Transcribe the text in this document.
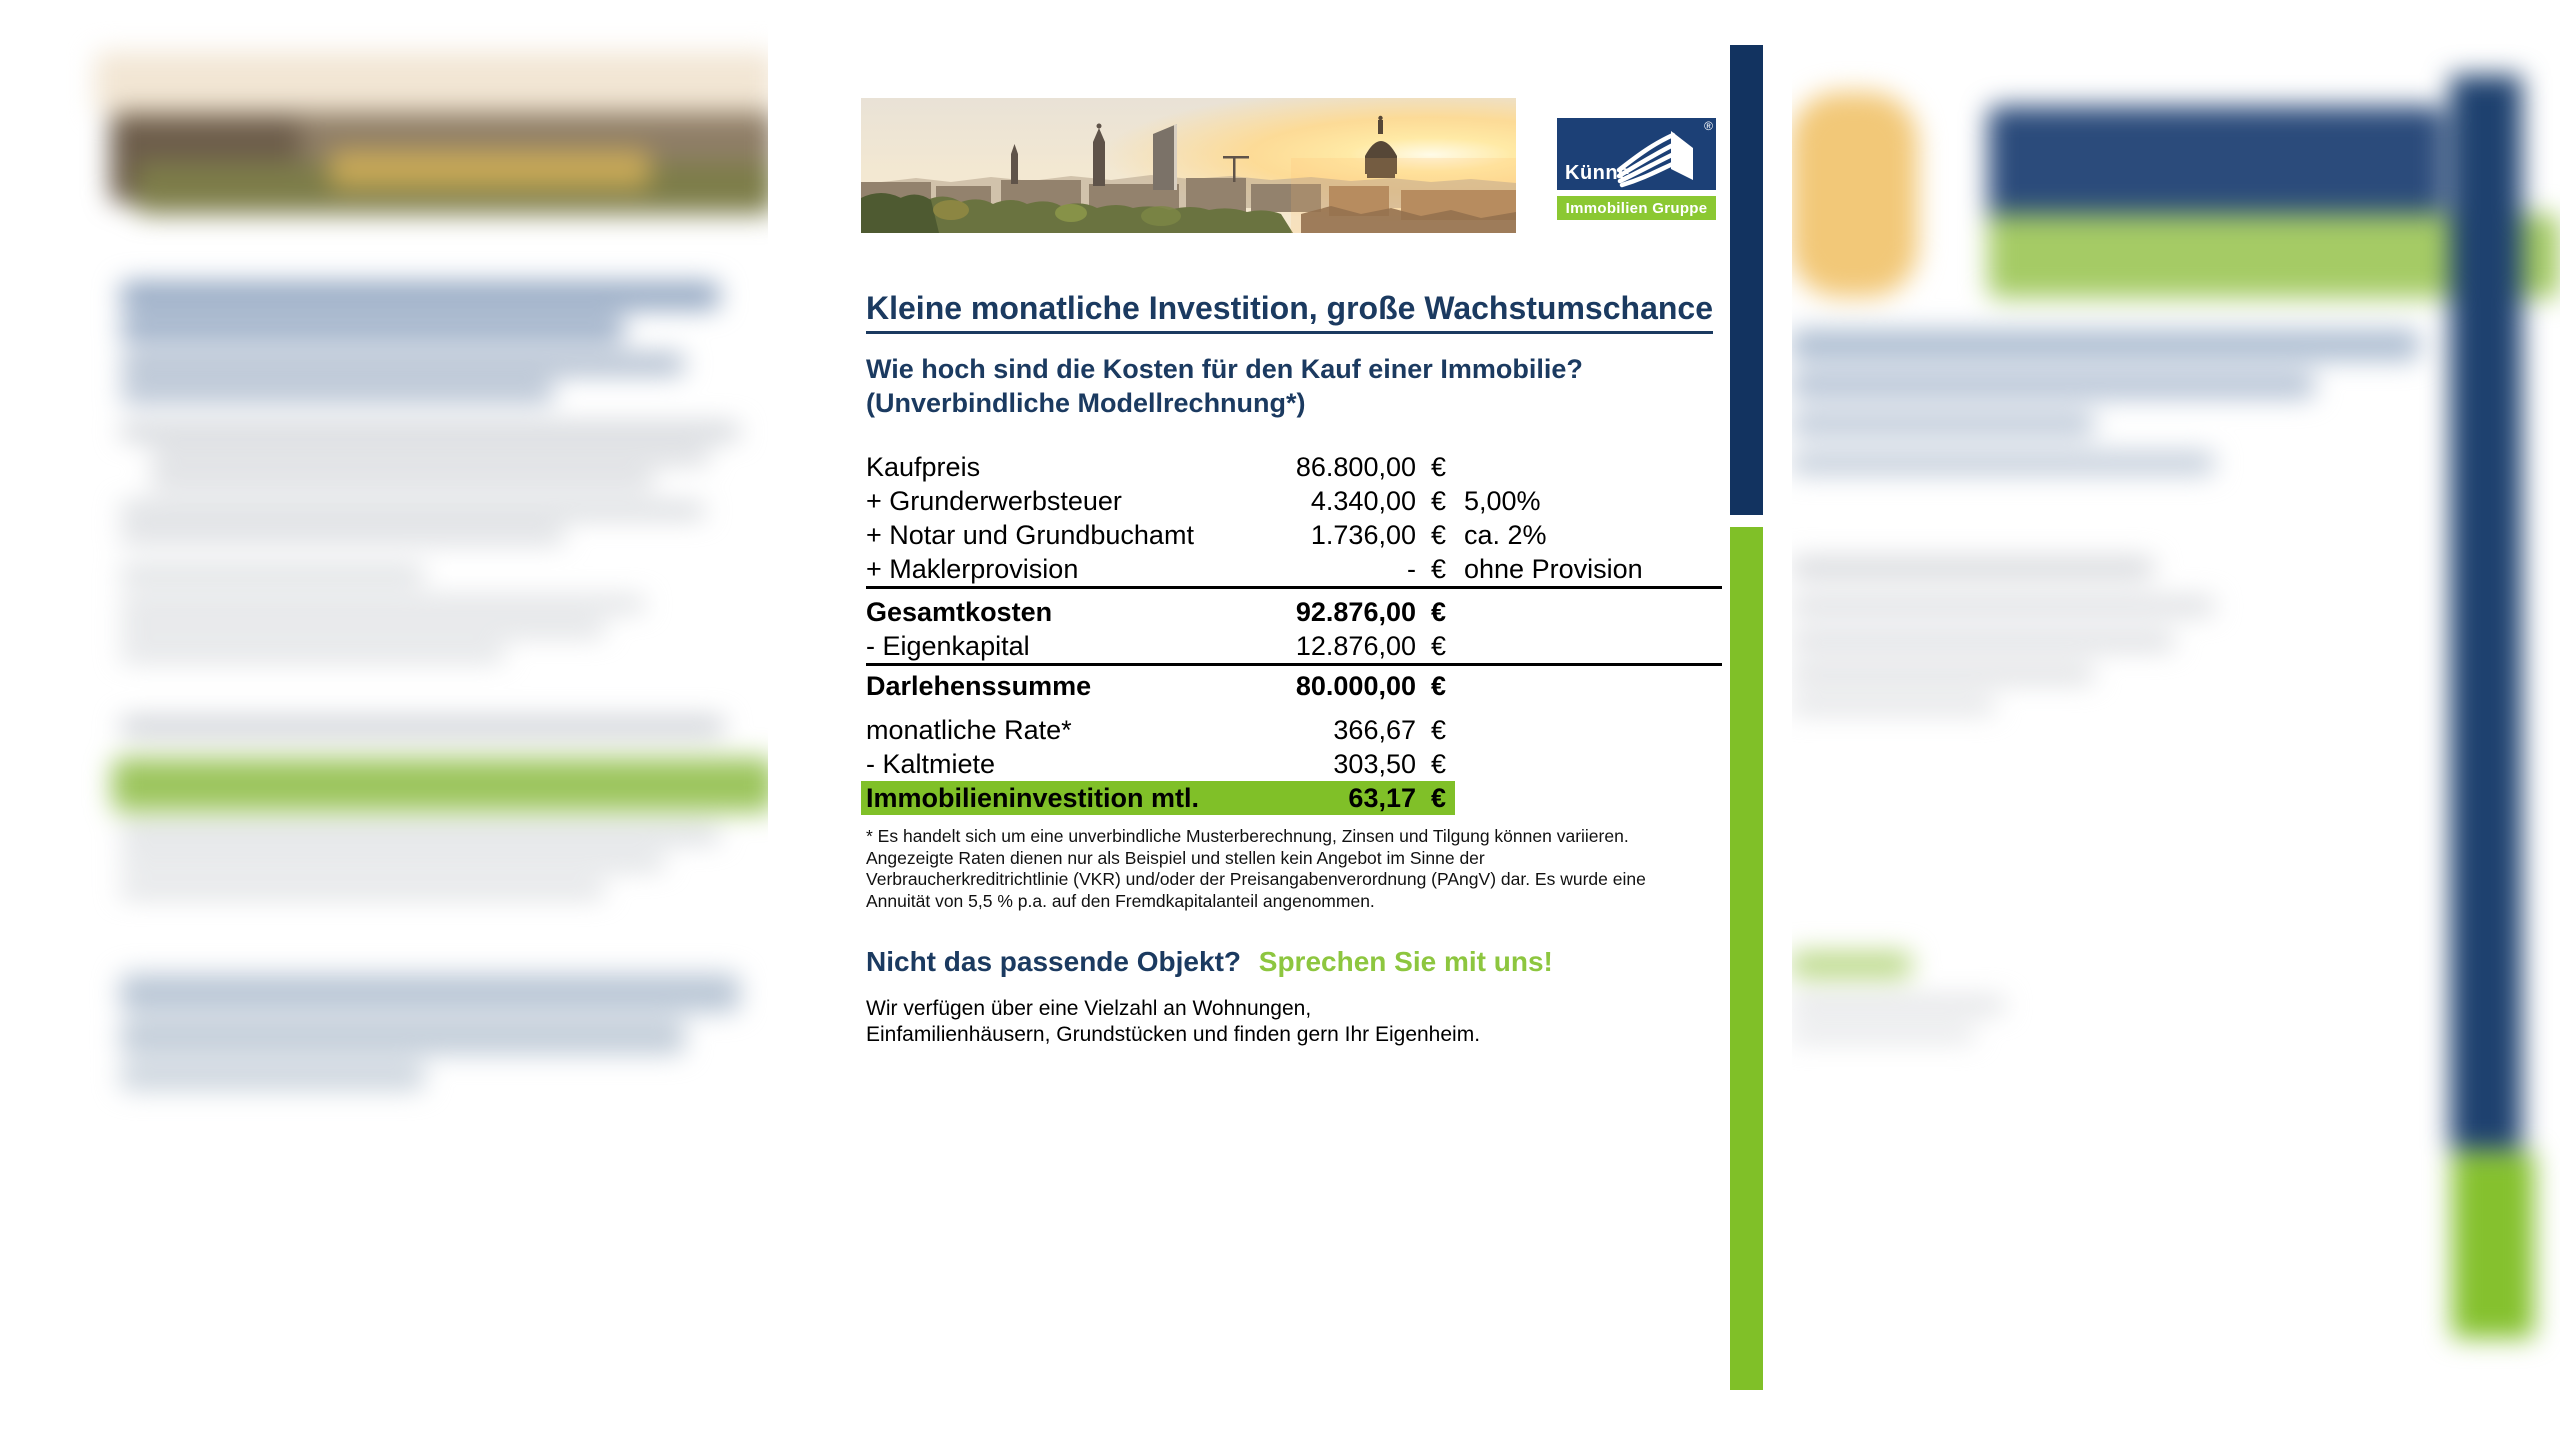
Künne
®
Immobilien Gruppe
Kleine monatliche Investition, große Wachstumschance
Wie hoch sind die Kosten für den Kauf einer Immobilie?
(Unverbindliche Modellrechnung*)
Kaufpreis	86.800,00 €
+ Grunderwerbsteuer	4.340,00 € 5,00%
+ Notar und Grundbuchamt	1.736,00 € ca. 2%
+ Maklerprovision	- € ohne Provision
Gesamtkosten	92.876,00 €
- Eigenkapital	12.876,00 €
Darlehenssumme	80.000,00 €
monatliche Rate*	366,67 €
- Kaltmiete	303,50 €
Immobilieninvestition mtl.	63,17 €
* Es handelt sich um eine unverbindliche Musterberechnung, Zinsen und Tilgung können variieren. Angezeigte Raten dienen nur als Beispiel und stellen kein Angebot im Sinne der Verbraucherkreditrichtlinie (VKR) und/oder der Preisangabenverordnung (PAngV) dar. Es wurde eine Annuität von 5,5 % p.a. auf den Fremdkapitalanteil angenommen.
Nicht das passende Objekt? Sprechen Sie mit uns!
Wir verfügen über eine Vielzahl an Wohnungen,
Einfamilienhäusern, Grundstücken und finden gern Ihr Eigenheim.
